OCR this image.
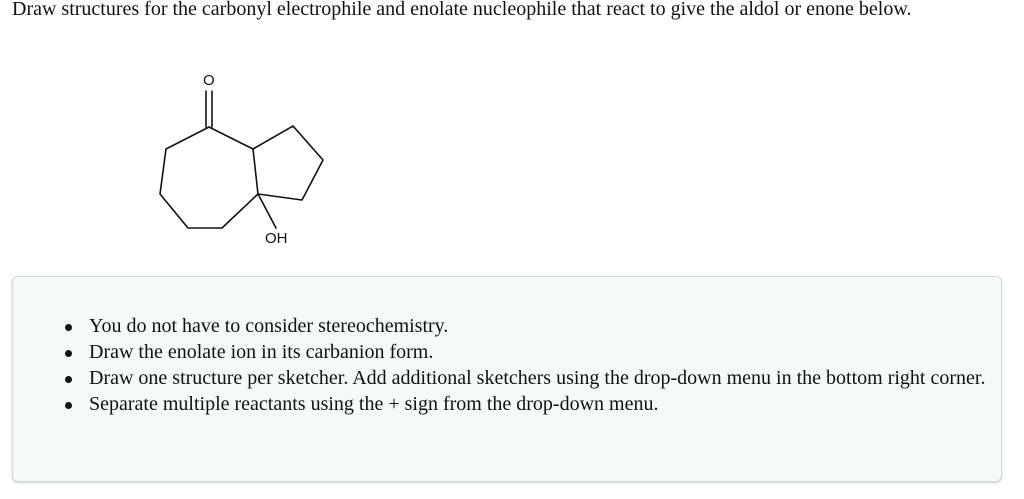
Draw structures for the carbonyl electrophile and enolate nucleophile that react to give the aldol or enone below.

O
OH
You do not have to consider stereochemistry.
Draw the enolate ion in its carbanion form.
Draw one structure per sketcher. Add additional sketchers using the drop-down menu in the bottom right corner.
Separate multiple reactants using the + sign from the drop-down menu.
